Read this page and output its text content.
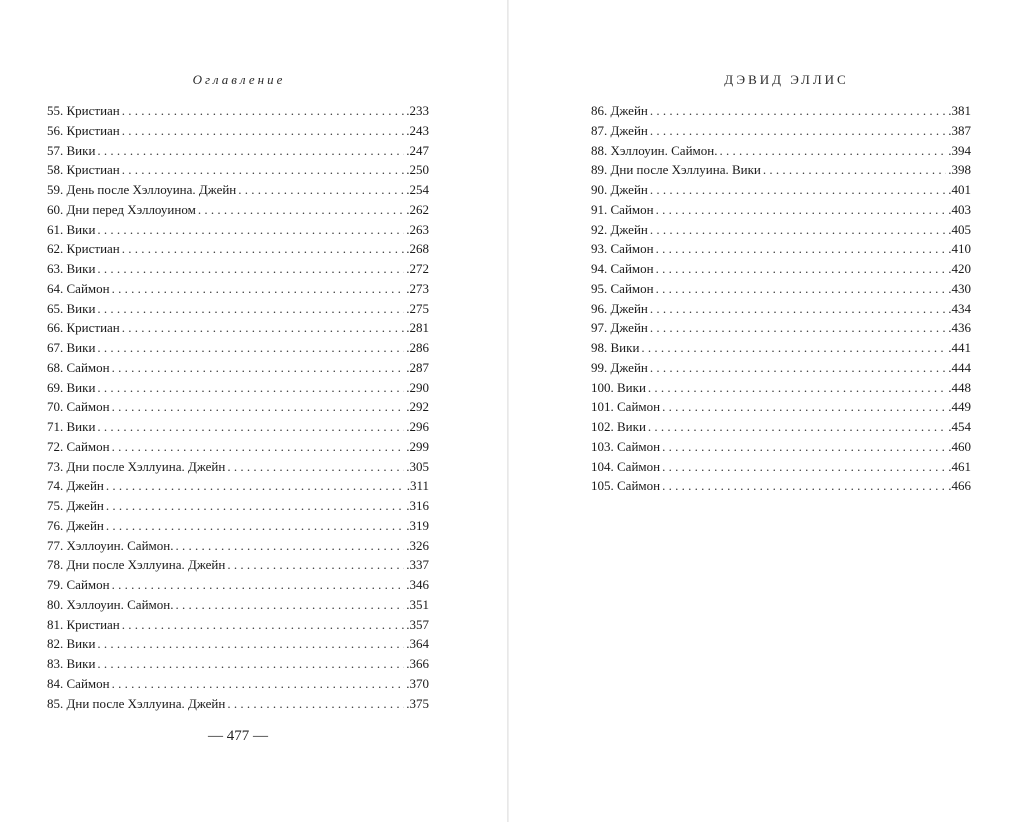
Оглавление
55. Кристиан . . .	.233
56. Кристиан . . .	.243
57. Вики . . .	.247
58. Кристиан . . .	.250
59. День после Хэллоуина. Джейн . . .	.254
60. Дни перед Хэллоуином . . .	.262
61. Вики . . .	.263
62. Кристиан . . .	.268
63. Вики . . .	.272
64. Саймон . . .	.273
65. Вики . . .	.275
66. Кристиан . . .	.281
67. Вики . . .	.286
68. Саймон . . .	.287
69. Вики . . .	.290
70. Саймон . . .	.292
71. Вики . . .	.296
72. Саймон . . .	.299
73. Дни после Хэллуина. Джейн . . .	.305
74. Джейн . . .	.311
75. Джейн . . .	.316
76. Джейн . . .	.319
77. Хэллоуин. Саймон. . . .	.326
78. Дни после Хэллуина. Джейн . . .	.337
79. Саймон . . .	.346
80. Хэллоуин. Саймон. . . .	.351
81. Кристиан . . .	.357
82. Вики . . .	.364
83. Вики . . .	.366
84. Саймон . . .	.370
85. Дни после Хэллуина. Джейн . . .	.375
— 477 —
ДЭВИД ЭЛЛИС
86. Джейн . . .	.381
87. Джейн . . .	.387
88. Хэллоуин. Саймон. . . .	.394
89. Дни после Хэллуина. Вики . . .	.398
90. Джейн . . .	.401
91. Саймон . . .	.403
92. Джейн . . .	.405
93. Саймон . . .	.410
94. Саймон . . .	.420
95. Саймон . . .	.430
96. Джейн . . .	.434
97. Джейн . . .	.436
98. Вики . . .	.441
99. Джейн . . .	.444
100. Вики . . .	.448
101. Саймон . . .	.449
102. Вики . . .	.454
103. Саймон . . .	.460
104. Саймон . . .	.461
105. Саймон . . .	.466
